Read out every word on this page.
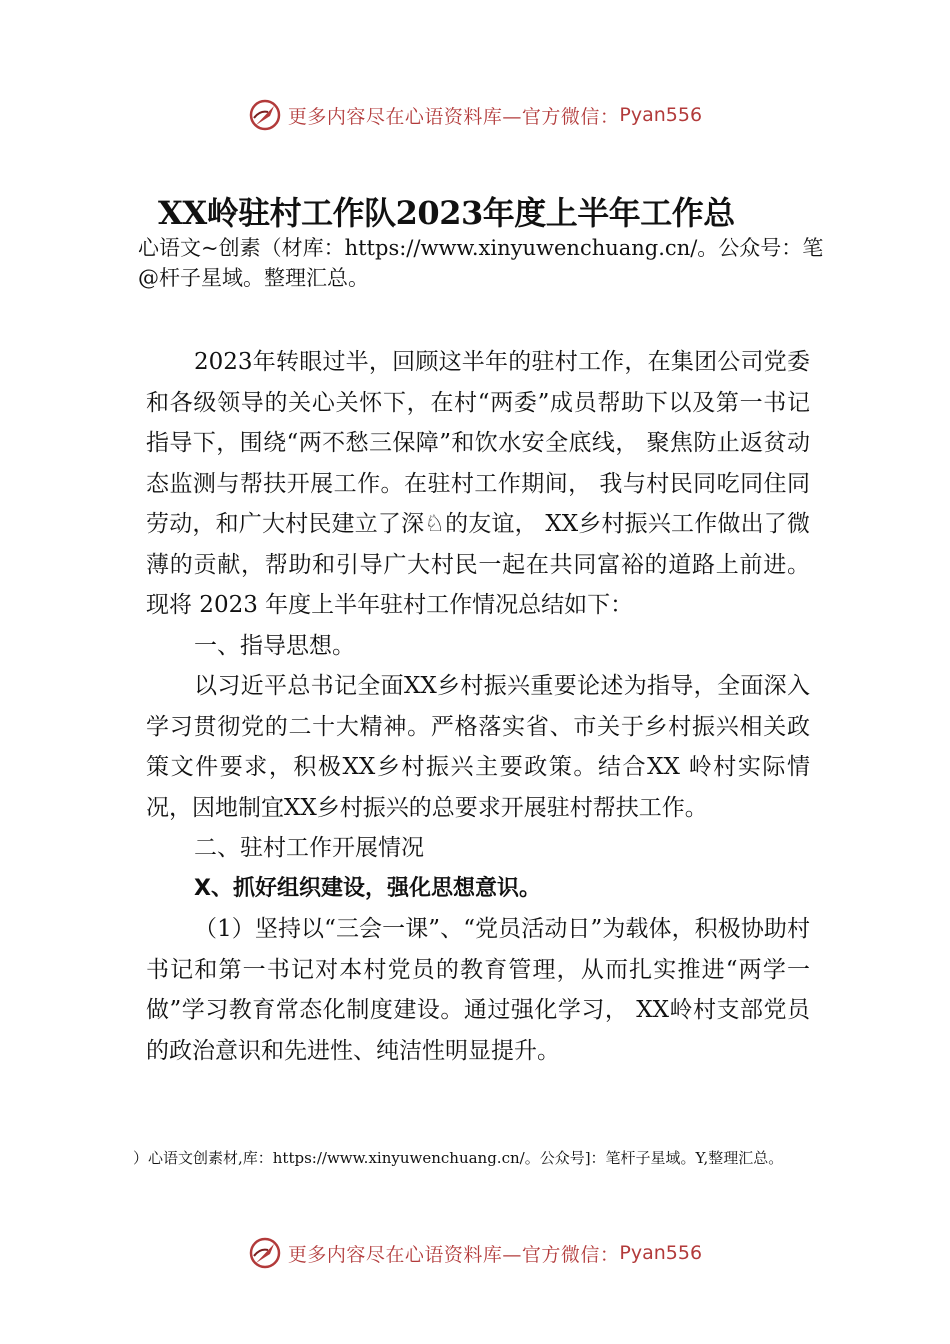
更多内容尽在心语资料库—官方微信： Pyan556
XX岭驻村工作队2023年度上半年工作总
心语文~创素（材库：https://www.xinyuwenchuang.cn/。公众号：笔@杆子星域。整理汇总。

2023年转眼过半，回顾这半年的驻村工作，在集团公司党委和各级领导的关心关怀下，在村“两委”成员帮助下以及第一书记指导下，围绕“两不愁三保障”和饮水安全底线， 聚焦防止返贫动态监测与帮扶开展工作。在驻村工作期间， 我与村民同吃同住同劳动，和广大村民建立了深♘的友谊， XX乡村振兴工作做出了微薄的贡献，帮助和引导广大村民一起在共同富裕的道路上前进。现将 2023 年度上半年驻村工作情况总结如下：

一、指导思想。

以习近平总书记全面XX乡村振兴重要论述为指导，全面深入学习贯彻党的二十大精神。严格落实省、市关于乡村振兴相关政策文件要求，积极XX乡村振兴主要政策。结合XX 岭村实际情况，因地制宜XX乡村振兴的总要求开展驻村帮扶工作。

二、驻村工作开展情况

X、抓好组织建设，强化思想意识。

（1）坚持以“三会一课”、“党员活动日”为载体，积极协助村书记和第一书记对本村党员的教育管理，从而扎实推进“两学一做”学习教育常态化制度建设。通过强化学习， XX岭村支部党员的政治意识和先进性、纯洁性明显提升。

）心语文创素材,库：https://www.xinyuwenchuang.cn/。公众号]：笔杆子星域。Y,整理汇总。
更多内容尽在心语资料库—官方微信： Pyan556
